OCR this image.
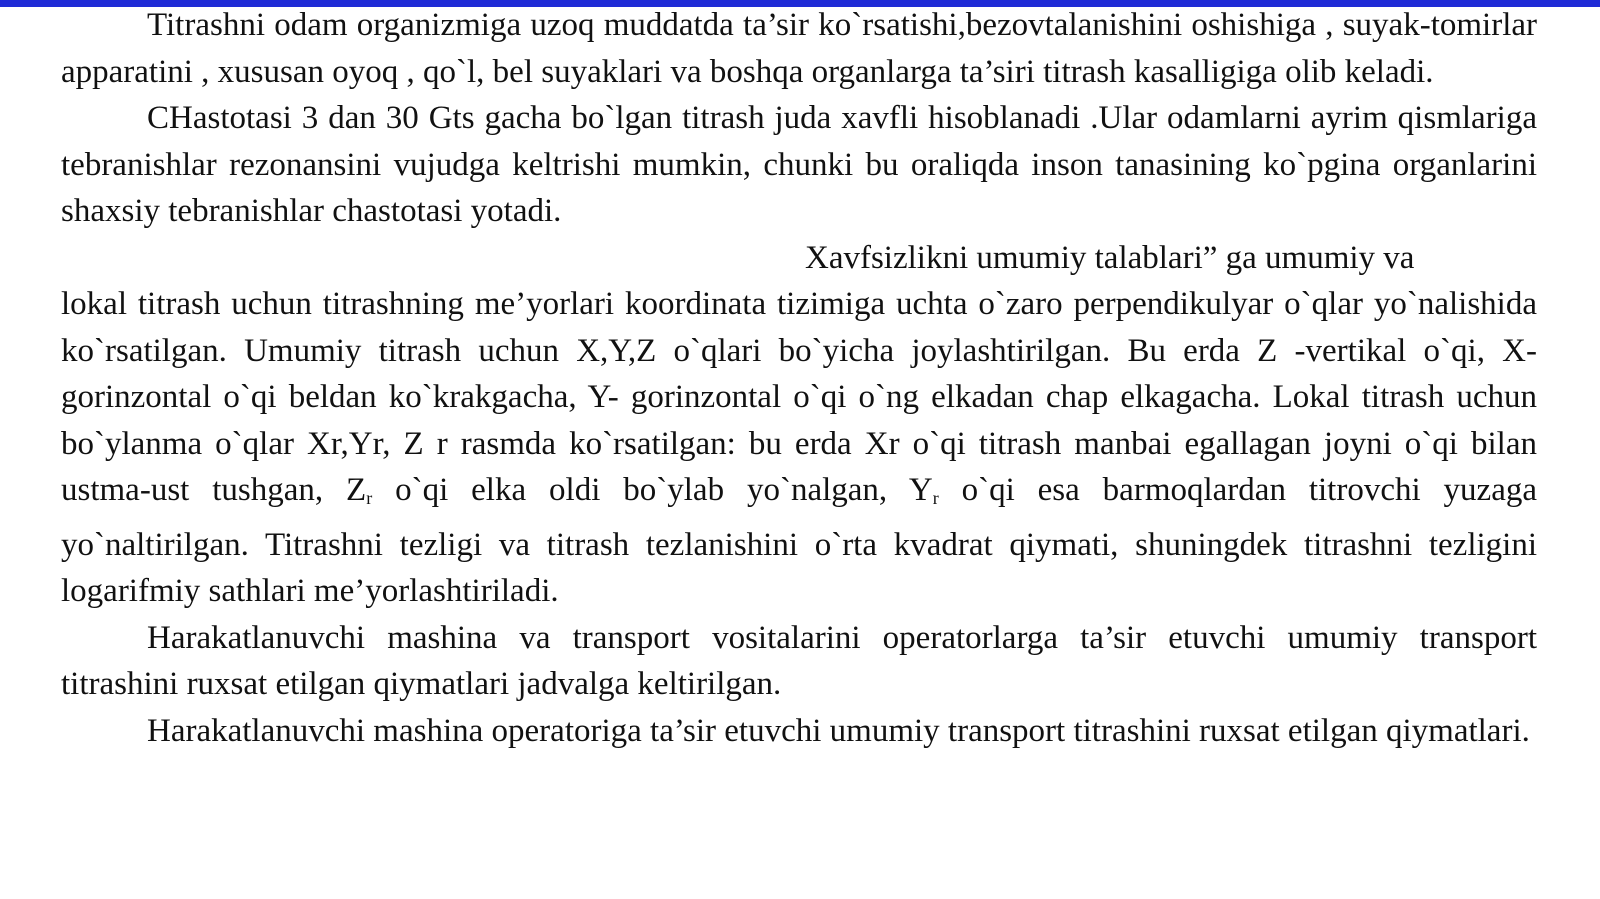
Titrashni odam organizmiga uzoq muddatda ta’sir ko`rsatishi,bezovtalanishini oshishiga , suyak-tomirlar apparatini , xususan oyoq , qo`l, bel suyaklari va boshqa organlarga ta’siri titrash kasalligiga olib keladi.

CHastotasi 3 dan 30 Gts gacha bo`lgan titrash juda xavfli hisoblanadi .Ular odamlarni ayrim qismlariga tebranishlar rezonansini vujudga keltrishi mumkin, chunki bu oraliqda inson tanasining ko`pgina organlarini shaxsiy tebranishlar chastotasi yotadi.

Xavfsizlikni umumiy talablari” ga umumiy va

lokal titrash uchun titrashning me’yorlari koordinata tizimiga uchta o`zaro perpendikulyar o`qlar yo`nalishida ko`rsatilgan. Umumiy titrash uchun X,Y,Z o`qlari bo`yicha joylashtirilgan. Bu erda Z -vertikal o`qi, X- gorinzontal o`qi beldan ko`krakgacha, Y- gorinzontal o`qi o`ng elkadan chap elkagacha. Lokal titrash uchun bo`ylanma o`qlar Xr,Yr, Z r rasmda ko`rsatilgan: bu erda Xr o`qi titrash manbai egallagan joyni o`qi bilan ustma-ust tushgan, $Z_r$ o`qi elka oldi bo`ylab yo`nalgan, $Y_r$ o`qi esa barmoqlardan titrovchi yuzaga yo`naltirilgan. Titrashni tezligi va titrash tezlanishini o`rta kvadrat qiymati, shuningdek titrashni tezligini logarifmiy sathlari me’yorlashtiriladi.

Harakatlanuvchi mashina va transport vositalarini operatorlarga ta’sir etuvchi umumiy transport titrashini ruxsat etilgan qiymatlari jadvalga keltirilgan.

Harakatlanuvchi mashina operatoriga ta’sir etuvchi umumiy transport titrashini ruxsat etilgan qiymatlari.
